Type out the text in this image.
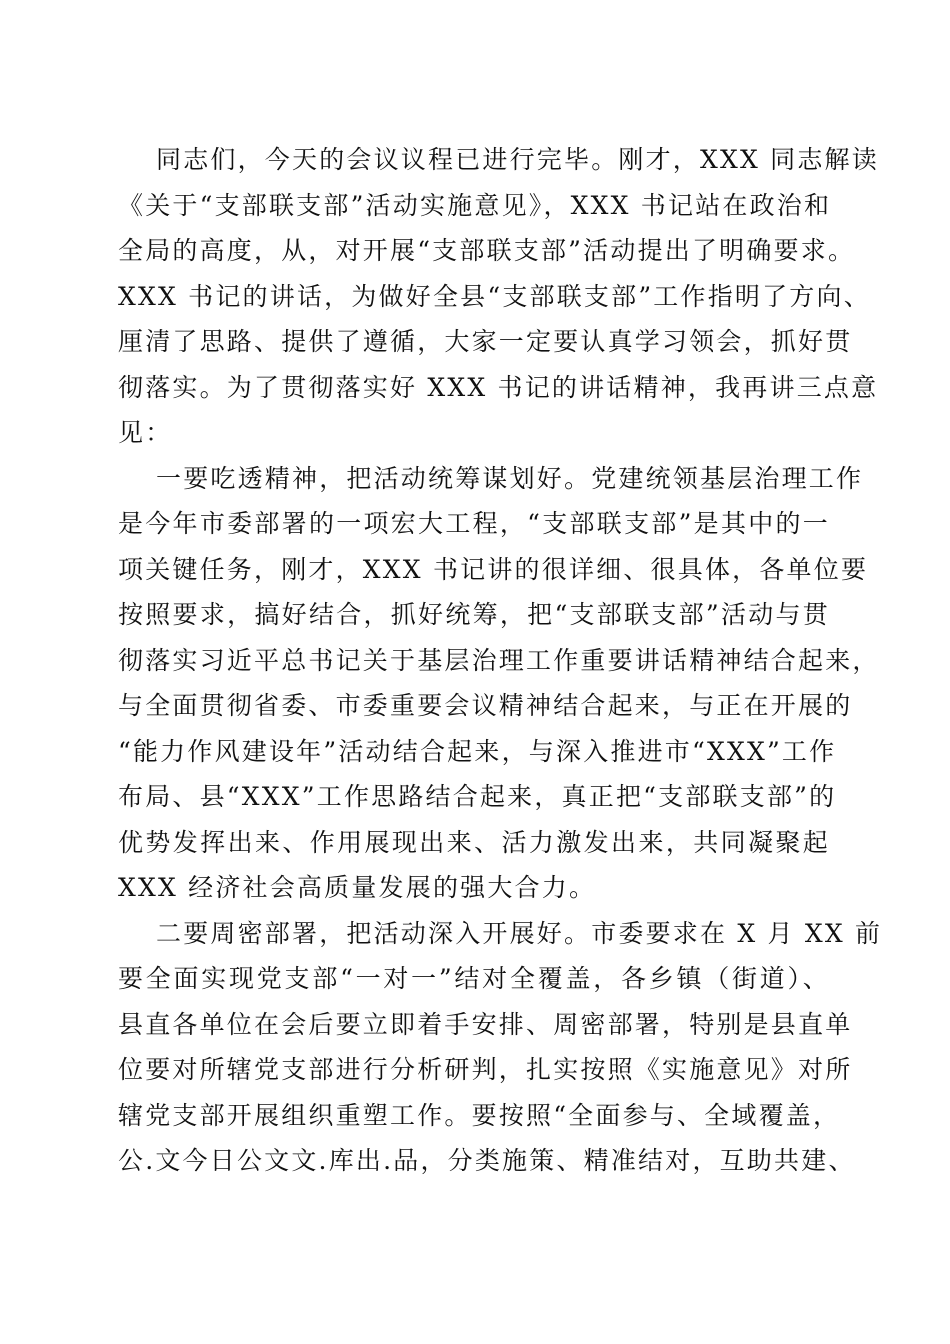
同志们，今天的会议议程已进行完毕。刚才，XXX 同志解读
《关于“支部联支部”活动实施意见》，XXX 书记站在政治和
全局的高度，从，对开展“支部联支部”活动提出了明确要求。
XXX 书记的讲话，为做好全县“支部联支部”工作指明了方向、
厘清了思路、提供了遵循，大家一定要认真学习领会，抓好贯
彻落实。为了贯彻落实好 XXX 书记的讲话精神，我再讲三点意
见：
一要吃透精神，把活动统筹谋划好。党建统领基层治理工作
是今年市委部署的一项宏大工程，“支部联支部”是其中的一
项关键任务，刚才，XXX 书记讲的很详细、很具体，各单位要
按照要求，搞好结合，抓好统筹，把“支部联支部”活动与贯
彻落实习近平总书记关于基层治理工作重要讲话精神结合起来，
与全面贯彻省委、市委重要会议精神结合起来，与正在开展的
“能力作风建设年”活动结合起来，与深入推进市“XXX”工作
布局、县“XXX”工作思路结合起来，真正把“支部联支部”的
优势发挥出来、作用展现出来、活力激发出来，共同凝聚起
XXX 经济社会高质量发展的强大合力。
二要周密部署，把活动深入开展好。市委要求在 X 月 XX 前
要全面实现党支部“一对一”结对全覆盖，各乡镇（街道）、
县直各单位在会后要立即着手安排、周密部署，特别是县直单
位要对所辖党支部进行分析研判，扎实按照《实施意见》对所
辖党支部开展组织重塑工作。要按照“全面参与、全域覆盖，
公.文今日公文文.库出.品，分类施策、精准结对，互助共建、
